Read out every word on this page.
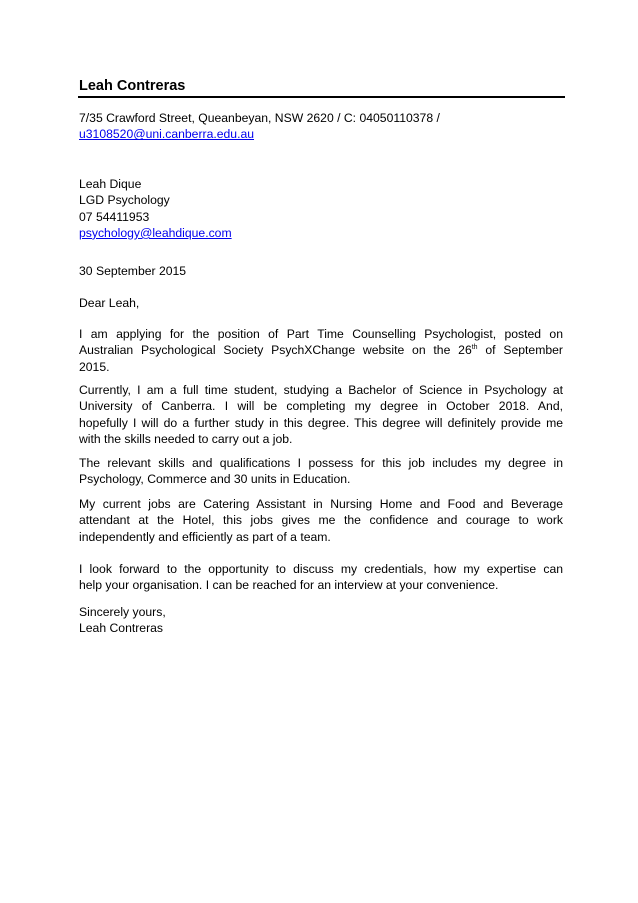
Leah Contreras
7/35 Crawford Street, Queanbeyan, NSW 2620 / C: 04050110378 /
u3108520@uni.canberra.edu.au
Leah Dique
LGD Psychology
07 54411953
psychology@leahdique.com
30 September 2015
Dear Leah,
I am applying for the position of Part Time Counselling Psychologist, posted on
Australian Psychological Society PsychXChange website on the 26th of September
2015.
Currently, I am a full time student, studying a Bachelor of Science in Psychology at
University of Canberra. I will be completing my degree in October 2018. And,
hopefully I will do a further study in this degree. This degree will definitely provide me
with the skills needed to carry out a job.
The relevant skills and qualifications I possess for this job includes my degree in
Psychology, Commerce and 30 units in Education.
My current jobs are Catering Assistant in Nursing Home and Food and Beverage
attendant at the Hotel, this jobs gives me the confidence and courage to work
independently and efficiently as part of a team.
I look forward to the opportunity to discuss my credentials, how my expertise can
help your organisation. I can be reached for an interview at your convenience.
Sincerely yours,
Leah Contreras
